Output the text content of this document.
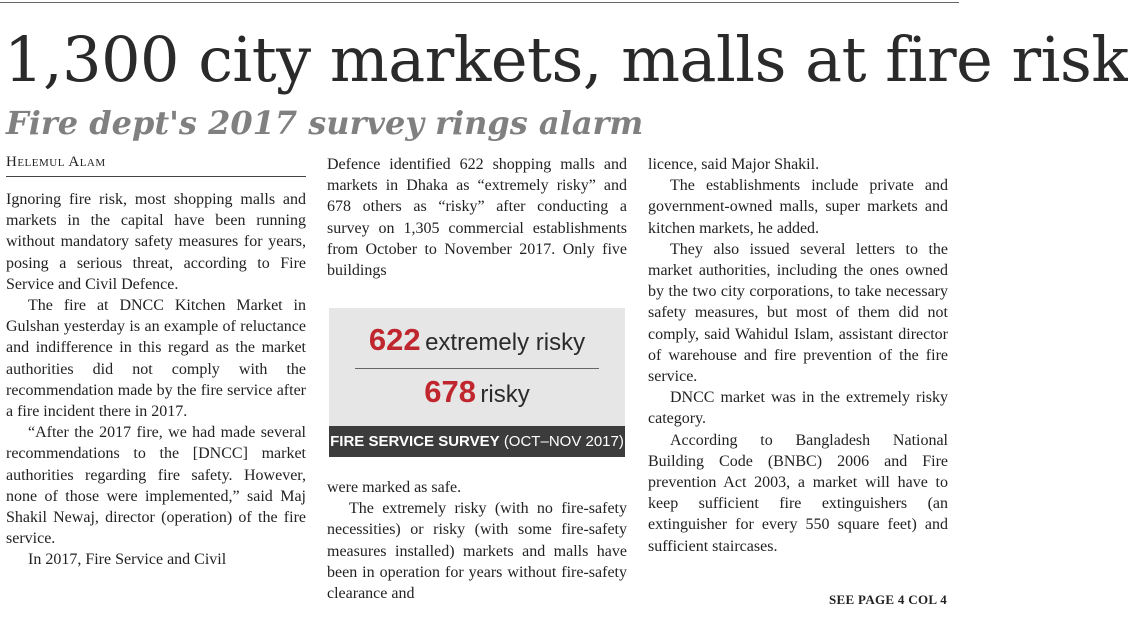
1,300 city markets, malls at fire risk
Fire dept's 2017 survey rings alarm
Helemul Alam

Ignoring fire risk, most shopping malls and markets in the capital have been running without mandatory safety measures for years, posing a serious threat, according to Fire Service and Civil Defence.

The fire at DNCC Kitchen Market in Gulshan yesterday is an example of reluctance and indifference in this regard as the market authorities did not comply with the recommendation made by the fire service after a fire incident there in 2017.

“After the 2017 fire, we had made several recommendations to the [DNCC] market authorities regarding fire safety. However, none of those were implemented,” said Maj Shakil Newaj, director (operation) of the fire service.

In 2017, Fire Service and Civil

Defence identified 622 shopping malls and markets in Dhaka as “extremely risky” and 678 others as “risky” after conducting a survey on 1,305 commercial establishments from October to November 2017. Only five buildings

622 extremely risky
678 risky
FIRE SERVICE SURVEY (OCT–NOV 2017)

were marked as safe.

The extremely risky (with no fire-safety necessities) or risky (with some fire-safety measures installed) markets and malls have been in operation for years without fire-safety clearance and

licence, said Major Shakil.

The establishments include private and government-owned malls, super markets and kitchen markets, he added.

They also issued several letters to the market authorities, including the ones owned by the two city corporations, to take necessary safety measures, but most of them did not comply, said Wahidul Islam, assistant director of warehouse and fire prevention of the fire service.

DNCC market was in the extremely risky category.

According to Bangladesh National Building Code (BNBC) 2006 and Fire prevention Act 2003, a market will have to keep sufficient fire extinguishers (an extinguisher for every 550 square feet) and sufficient staircases.

SEE PAGE 4 COL 4
